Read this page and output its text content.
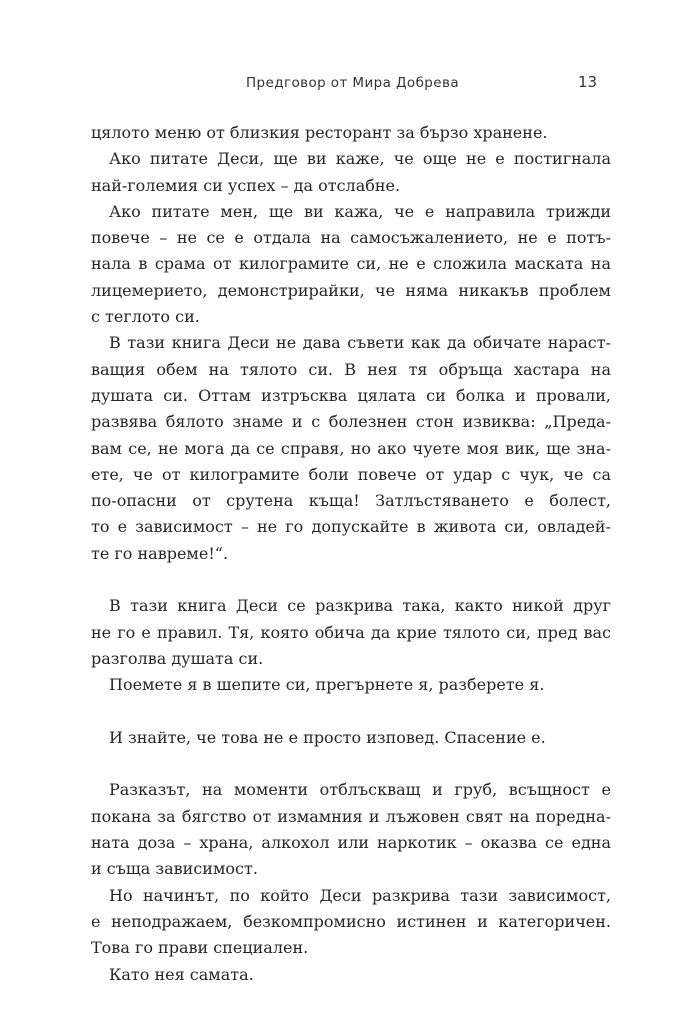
Предговор от Мира Добрева	13
цялото меню от близкия ресторант за бързо хранене.
Ако питате Деси, ще ви каже, че още не е постигнала
най-големия си успех – да отслабне.
Ако питате мен, ще ви кажа, че е направила трижди
повече – не се е отдала на самосъжалението, не е потъ-
нала в срама от килограмите си, не е сложила маската на
лицемерието, демонстрирайки, че няма никакъв проблем
с теглото си.
В тази книга Деси не дава съвети как да обичате нараст-
ващия обем на тялото си. В нея тя обръща хастара на
душата си. Оттам изтръсква цялата си болка и провали,
развява бялото знаме и с болезнен стон извиква: „Преда-
вам се, не мога да се справя, но ако чуете моя вик, ще зна-
ете, че от килограмите боли повече от удар с чук, че са
по-опасни от срутена къща! Затлъстяването е болест,
то е зависимост – не го допускайте в живота си, овладей-
те го навреме!“.
В тази книга Деси се разкрива така, както никой друг
не го е правил. Тя, която обича да крие тялото си, пред вас
разголва душата си.
Поемете я в шепите си, прегърнете я, разберете я.
И знайте, че това не е просто изповед. Спасение е.
Разказът, на моменти отблъскващ и груб, всъщност е
покана за бягство от измамния и лъжовен свят на поредна-
ната доза – храна, алкохол или наркотик – оказва се една
и съща зависимост.
Но начинът, по който Деси разкрива тази зависимост,
е неподражаем, безкомпромисно истинен и категоричен.
Това го прави специален.
Като нея самата.
